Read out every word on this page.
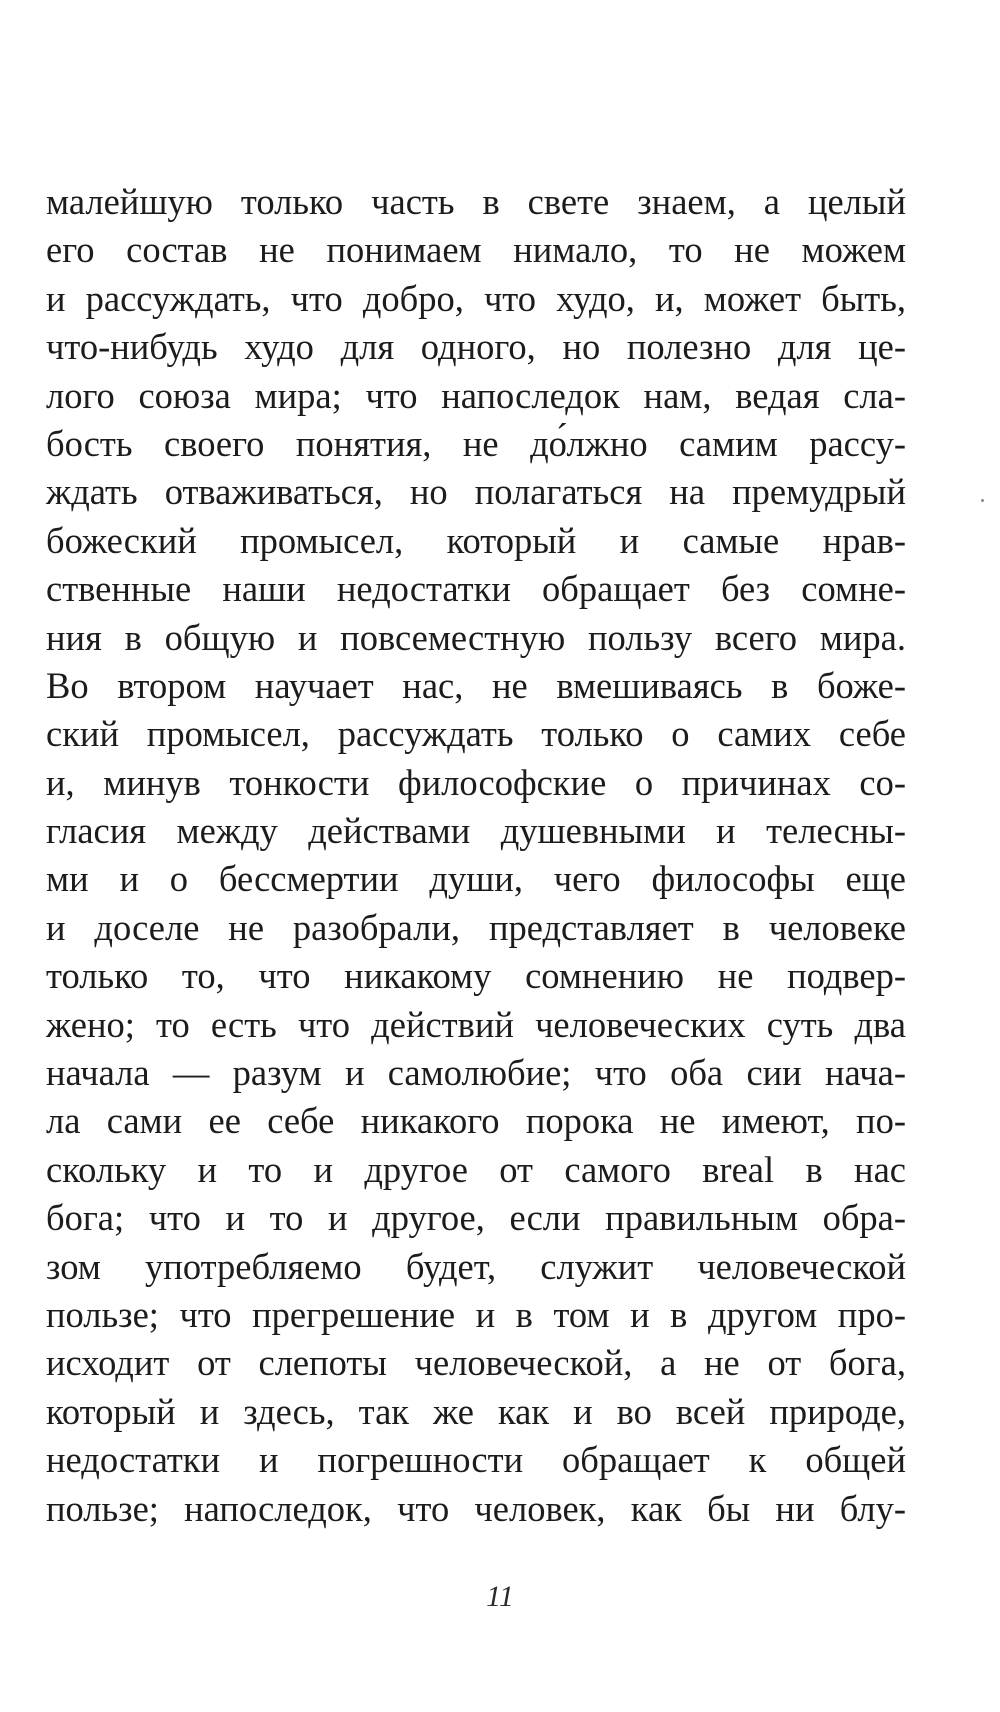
малейшую только часть в свете знаем, а целый
его состав не понимаем нимало, то не можем
и рассуждать, что добро, что худо, и, может быть,
что-нибудь худо для одного, но полезно для це-
лого союза мира; что напоследок нам, ведая сла-
бость своего понятия, не до́лжно самим рассу-
ждать отваживаться, но полагаться на премудрый
божеский промысел, который и самые нрав-
ственные наши недостатки обращает без сомне-
ния в общую и повсеместную пользу всего мира.
Во втором научает нас, не вмешиваясь в боже-
ский промысел, рассуждать только о самих себе
и, минув тонкости философские о причинах со-
гласия между действами душевными и телесны-
ми и о бессмертии души, чего философы еще
и доселе не разобрали, представляет в человеке
только то, что никакому сомнению не подвер-
жено; то есть что действий человеческих суть два
начала — разум и самолюбие; что оба сии нача-
ла сами ее себе никакого порока не имеют, по-
скольку и то и другое от самого вreal в нас
бога; что и то и другое, если правильным обра-
зом употребляемо будет, служит человеческой
пользе; что прегрешение и в том и в другом про-
исходит от слепоты человеческой, а не от бога,
который и здесь, так же как и во всей природе,
недостатки и погрешности обращает к общей
пользе; напоследок, что человек, как бы ни блу-
11
